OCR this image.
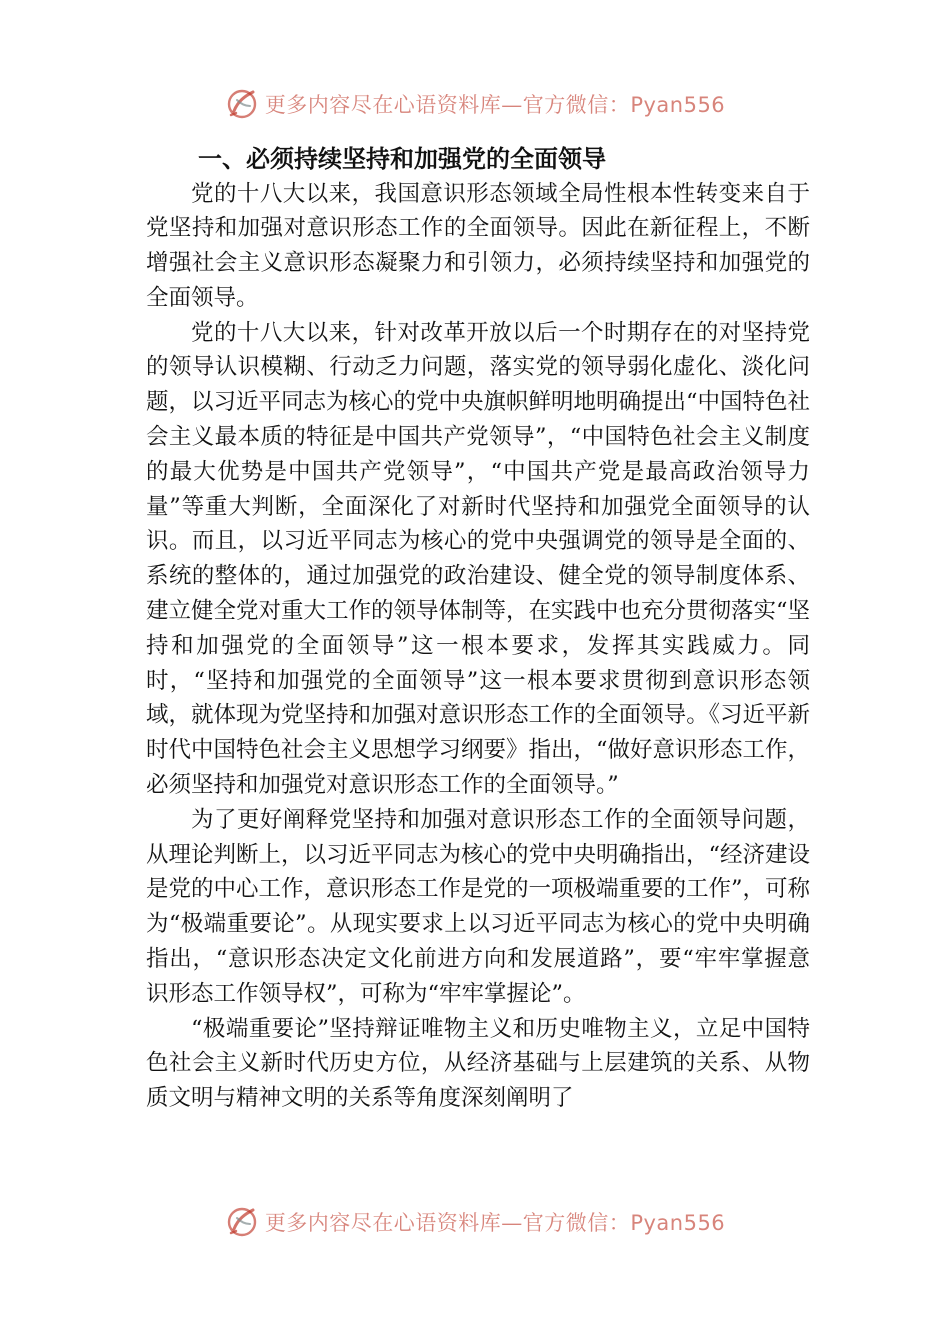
更多内容尽在心语资料库—官方微信：Pyan556
一、必须持续坚持和加强党的全面领导

党的十八大以来，我国意识形态领域全局性根本性转变来自于党坚持和加强对意识形态工作的全面领导。因此在新征程上，不断增强社会主义意识形态凝聚力和引领力，必须持续坚持和加强党的全面领导。

党的十八大以来，针对改革开放以后一个时期存在的对坚持党的领导认识模糊、行动乏力问题，落实党的领导弱化虚化、淡化问题，以习近平同志为核心的党中央旗帜鲜明地明确提出“中国特色社会主义最本质的特征是中国共产党领导”，“中国特色社会主义制度的最大优势是中国共产党领导”，“中国共产党是最高政治领导力量”等重大判断，全面深化了对新时代坚持和加强党全面领导的认识。而且，以习近平同志为核心的党中央强调党的领导是全面的、系统的整体的，通过加强党的政治建设、健全党的领导制度体系、建立健全党对重大工作的领导体制等，在实践中也充分贯彻落实“坚持和加强党的全面领导”这一根本要求，发挥其实践威力。同时，“坚持和加强党的全面领导”这一根本要求贯彻到意识形态领域，就体现为党坚持和加强对意识形态工作的全面领导。《习近平新时代中国特色社会主义思想学习纲要》指出，“做好意识形态工作，必须坚持和加强党对意识形态工作的全面领导。”

为了更好阐释党坚持和加强对意识形态工作的全面领导问题，从理论判断上，以习近平同志为核心的党中央明确指出，“经济建设是党的中心工作，意识形态工作是党的一项极端重要的工作”，可称为“极端重要论”。从现实要求上以习近平同志为核心的党中央明确指出，“意识形态决定文化前进方向和发展道路”，要“牢牢掌握意识形态工作领导权”，可称为“牢牢掌握论”。

“极端重要论”坚持辩证唯物主义和历史唯物主义，立足中国特色社会主义新时代历史方位，从经济基础与上层建筑的关系、从物质文明与精神文明的关系等角度深刻阐明了

更多内容尽在心语资料库—官方微信：Pyan556
